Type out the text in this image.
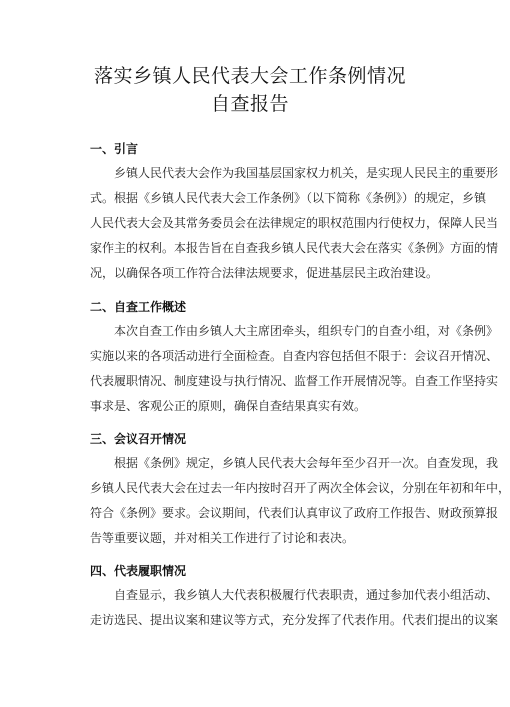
落实乡镇人民代表大会工作条例情况
自查报告
一、引言
　　乡镇人民代表大会作为我国基层国家权力机关，是实现人民民主的重要形
式。根据《乡镇人民代表大会工作条例》（以下简称《条例》）的规定，乡镇
人民代表大会及其常务委员会在法律规定的职权范围内行使权力，保障人民当
家作主的权利。本报告旨在自查我乡镇人民代表大会在落实《条例》方面的情
况，以确保各项工作符合法律法规要求，促进基层民主政治建设。
二、自查工作概述
　　本次自查工作由乡镇人大主席团牵头，组织专门的自查小组，对《条例》
实施以来的各项活动进行全面检查。自查内容包括但不限于：会议召开情况、
代表履职情况、制度建设与执行情况、监督工作开展情况等。自查工作坚持实
事求是、客观公正的原则，确保自查结果真实有效。
三、会议召开情况
　　根据《条例》规定，乡镇人民代表大会每年至少召开一次。自查发现，我
乡镇人民代表大会在过去一年内按时召开了两次全体会议，分别在年初和年中，
符合《条例》要求。会议期间，代表们认真审议了政府工作报告、财政预算报
告等重要议题，并对相关工作进行了讨论和表决。
四、代表履职情况
　　自查显示，我乡镇人大代表积极履行代表职责，通过参加代表小组活动、
走访选民、提出议案和建议等方式，充分发挥了代表作用。代表们提出的议案
